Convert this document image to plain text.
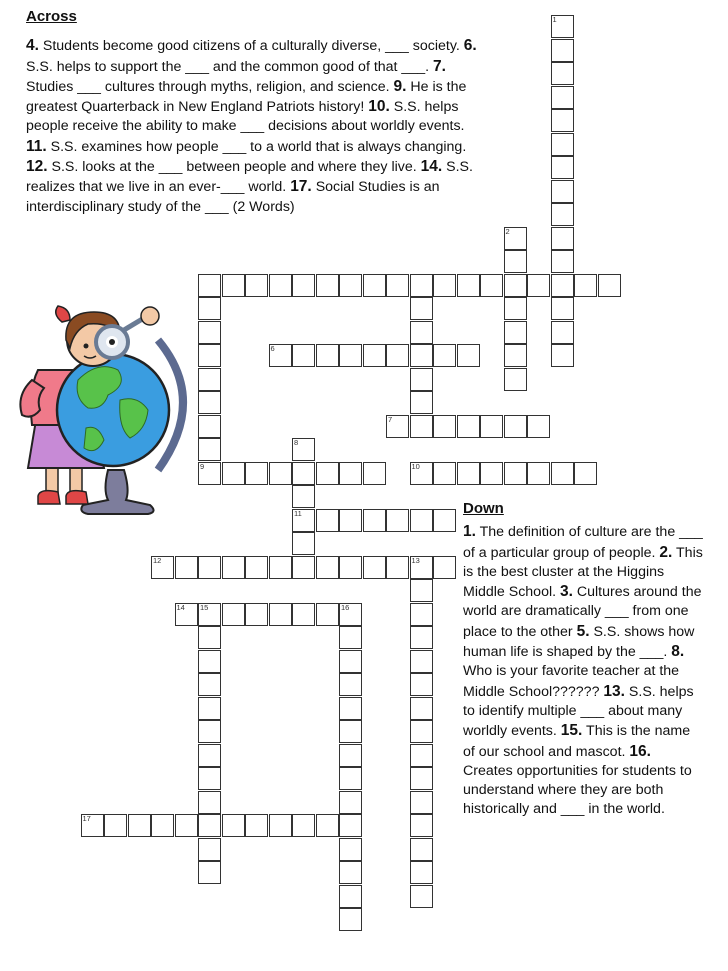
1
2
6
7
8
9	10
11
12	13
14 15	16
17
Across
4. Students become good citizens of a culturally diverse, ___ society. 6. S.S. helps to support the ___ and the common good of that ___. 7. Studies ___ cultures through myths, religion, and science. 9. He is the greatest Quarterback in New England Patriots history! 10. S.S. helps people receive the ability to make ___ decisions about worldly events. 11. S.S. examines how people ___ to a world that is always changing. 12. S.S. looks at the ___ between people and where they live. 14. S.S. realizes that we live in an ever-___ world. 17. Social Studies is an interdisciplinary study of the ___ (2 Words)
Down
1. The definition of culture are the ___ of a particular group of people. 2. This is the best cluster at the Higgins Middle School. 3. Cultures around the world are dramatically ___ from one place to the other 5. S.S. shows how human life is shaped by the ___. 8. Who is your favorite teacher at the Middle School?????? 13. S.S. helps to identify multiple ___ about many worldly events. 15. This is the name of our school and mascot. 16. Creates opportunities for students to understand where they are both historically and ___ in the world.
